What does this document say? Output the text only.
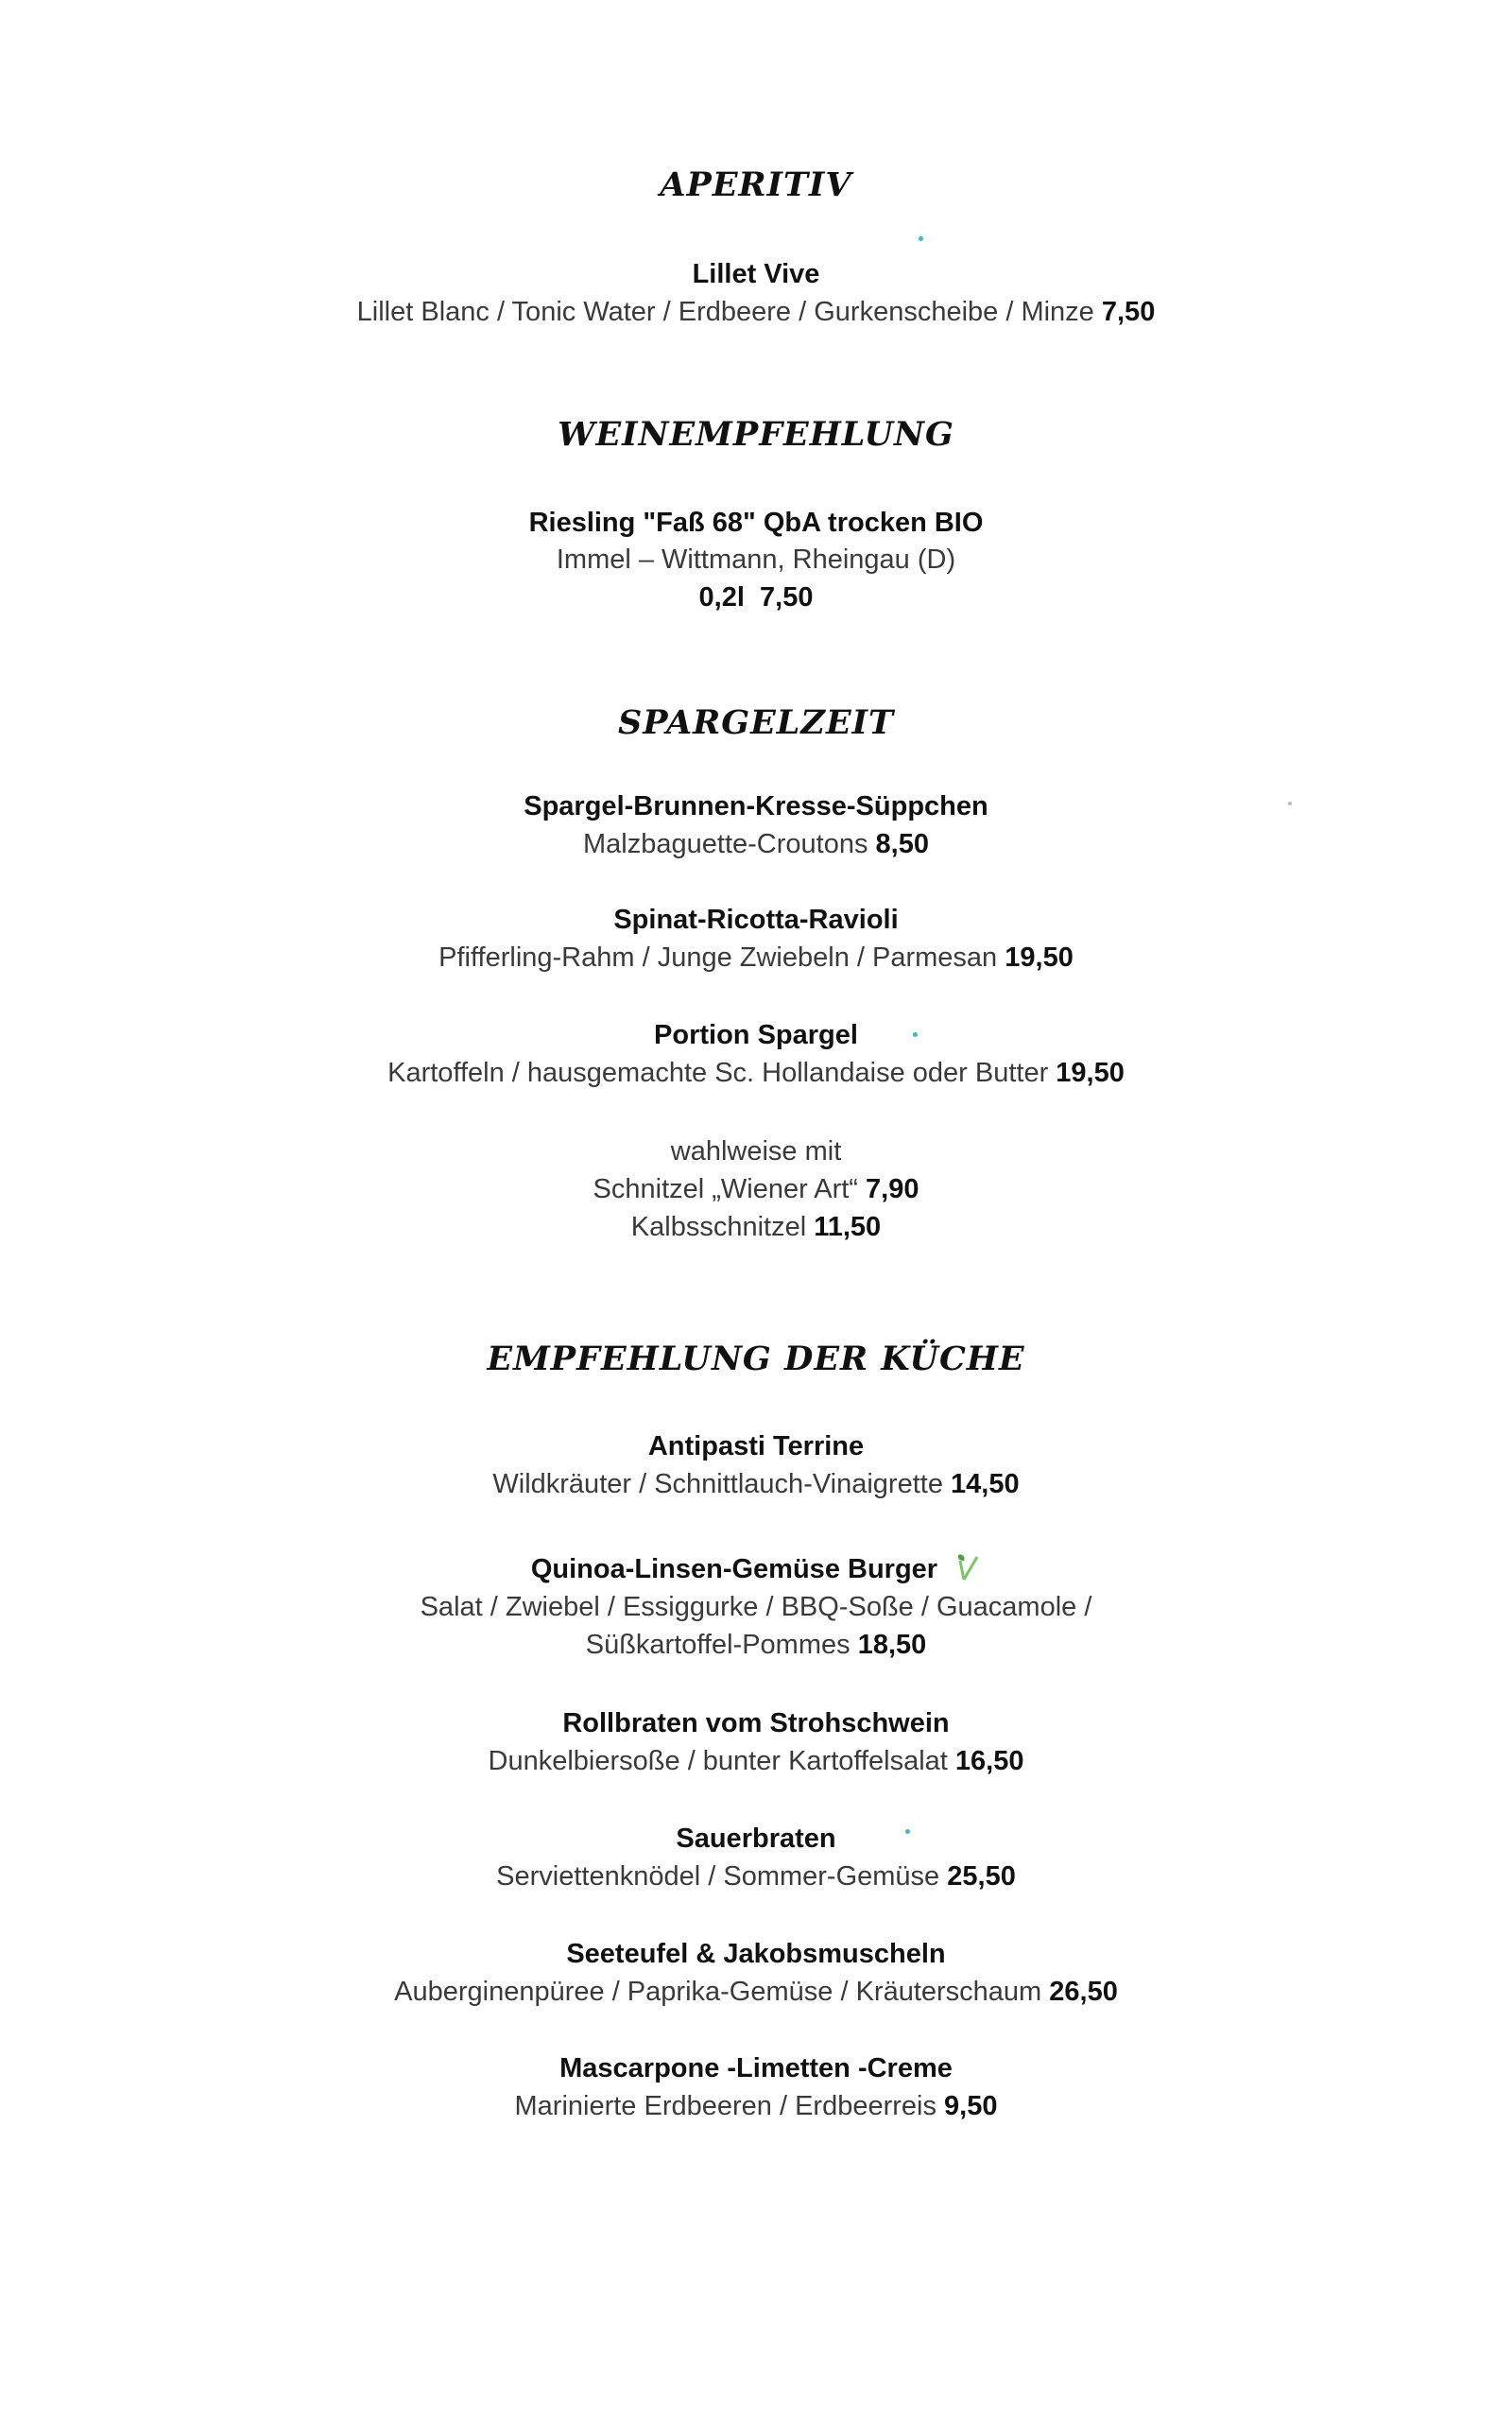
APERITIV
Lillet Vive
Lillet Blanc / Tonic Water / Erdbeere / Gurkenscheibe / Minze 7,50
WEINEMPFEHLUNG
Riesling "Faß 68" QbA trocken BIO
Immel – Wittmann, Rheingau (D)
0,2l 7,50
SPARGELZEIT
Spargel-Brunnen-Kresse-Süppchen
Malzbaguette-Croutons 8,50
Spinat-Ricotta-Ravioli
Pfifferling-Rahm / Junge Zwiebeln / Parmesan 19,50
Portion Spargel
Kartoffeln / hausgemachte Sc. Hollandaise oder Butter 19,50
wahlweise mit
Schnitzel „Wiener Art“ 7,90
Kalbsschnitzel 11,50
EMPFEHLUNG DER KÜCHE
Antipasti Terrine
Wildkräuter / Schnittlauch-Vinaigrette 14,50
Quinoa-Linsen-Gemüse Burger
Salat / Zwiebel / Essiggurke / BBQ-Soße / Guacamole /
Süßkartoffel-Pommes 18,50
Rollbraten vom Strohschwein
Dunkelbiersoße / bunter Kartoffelsalat 16,50
Sauerbraten
Serviettenknödel / Sommer-Gemüse 25,50
Seeteufel & Jakobsmuscheln
Auberginenpüree / Paprika-Gemüse / Kräuterschaum 26,50
Mascarpone -Limetten -Creme
Marinierte Erdbeeren / Erdbeerreis 9,50
